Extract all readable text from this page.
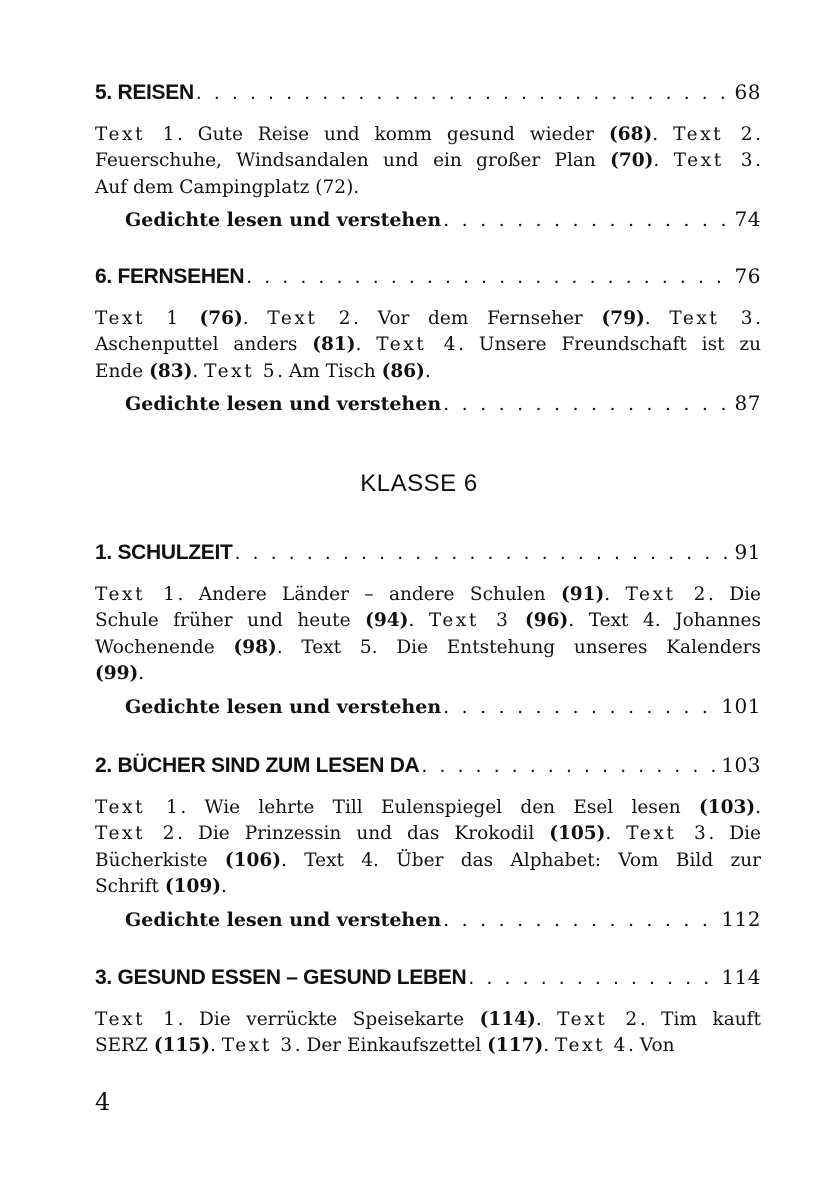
KLASSE 6
4
5. REISEN . . .	68
Text 1. Gute Reise und komm gesund wieder (68). Text 2.
Feuerschuhe, Windsandalen und ein großer Plan (70). Text 3.
Auf dem Campingplatz (72).
Gedichte lesen und verstehen . . .	74
6. FERNSEHEN . . .	76
Text 1 (76). Text 2. Vor dem Fernseher (79). Text 3.
Aschenputtel anders (81). Text 4. Unsere Freundschaft ist zu
Ende (83). Text 5. Am Tisch (86).
Gedichte lesen und verstehen . . .	87
1. SCHULZEIT . . .	91
Text 1. Andere Länder – andere Schulen (91). Text 2. Die
Schule früher und heute (94). Text 3 (96). Text 4. Johannes
Wochenende (98). Text 5. Die Entstehung unseres Kalenders
(99).
Gedichte lesen und verstehen . . .	101
2. BÜCHER SIND ZUM LESEN DA . . .	103
Text 1. Wie lehrte Till Eulenspiegel den Esel lesen (103).
Text 2. Die Prinzessin und das Krokodil (105). Text 3. Die
Bücherkiste (106). Text 4. Über das Alphabet: Vom Bild zur
Schrift (109).
Gedichte lesen und verstehen . . .	112
3. GESUND ESSEN – GESUND LEBEN . . .	114
Text 1. Die verrückte Speisekarte (114). Text 2. Tim kauft
SERZ (115). Text 3. Der Einkaufszettel (117). Text 4. Von
